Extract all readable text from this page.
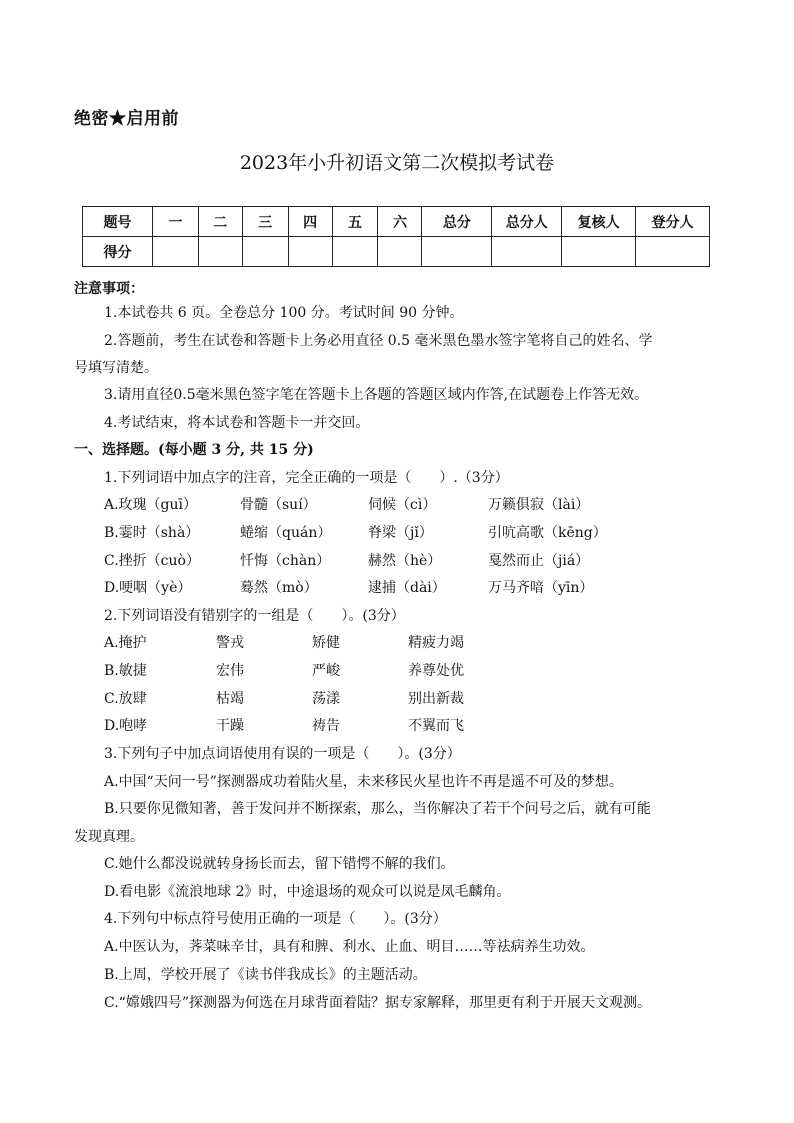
绝密★启用前
2023年小升初语文第二次模拟考试卷
题号	一	二	三	四	五	六	总分	总分人	复核人	登分人
得分										
注意事项：
1.本试卷共 6 页。全卷总分 100 分。考试时间 90 分钟。
2.答题前，考生在试卷和答题卡上务必用直径 0.5 毫米黑色墨水签字笔将自己的姓名、学
号填写清楚。
3.请用直径0.5毫米黑色签字笔在答题卡上各题的答题区域内作答,在试题卷上作答无效。
4.考试结束，将本试卷和答题卡一并交回。
一、选择题。(每小题 3 分, 共 15 分)
1.下列词语中加点字的注音，完全正确的一项是（　　）.（3分）
A.玫瑰（guī）	骨髓（suí）	伺候（cì）	万籁俱寂（lài）
B.霎时（shà）	蜷缩（quán）	脊梁（jǐ）	引吭高歌（kēng）
C.挫折（cuò）	忏悔（chàn）	赫然（hè）	戛然而止（jiá）
D.哽咽（yè）	蓦然（mò）	逮捕（dài）	万马齐喑（yīn）
2.下列词语没有错别字的一组是（　　）。(3分）
A.掩护	警戎	矫健	精疲力竭
B.敏捷	宏伟	严峻	养尊处优
C.放肆	枯竭	荡漾	别出新裁
D.咆哮	干躁	祷告	不翼而飞
3.下列句子中加点词语使用有误的一项是（　　）。(3分）
A.中国“天问一号”探测器成功着陆火星，未来移民火星也许不再是遥不可及的梦想。
B.只要你见微知著，善于发问并不断探索，那么，当你解决了若干个问号之后，就有可能
发现真理。
C.她什么都没说就转身扬长而去，留下错愕不解的我们。
D.看电影《流浪地球 2》时，中途退场的观众可以说是凤毛麟角。
4.下列句中标点符号使用正确的一项是（　　）。(3分）
A.中医认为，荠菜味辛甘，具有和脾、利水、止血、明目……等祛病养生功效。
B.上周，学校开展了《读书伴我成长》的主题活动。
C.“嫦娥四号”探测器为何选在月球背面着陆？据专家解释，那里更有利于开展天文观测。
